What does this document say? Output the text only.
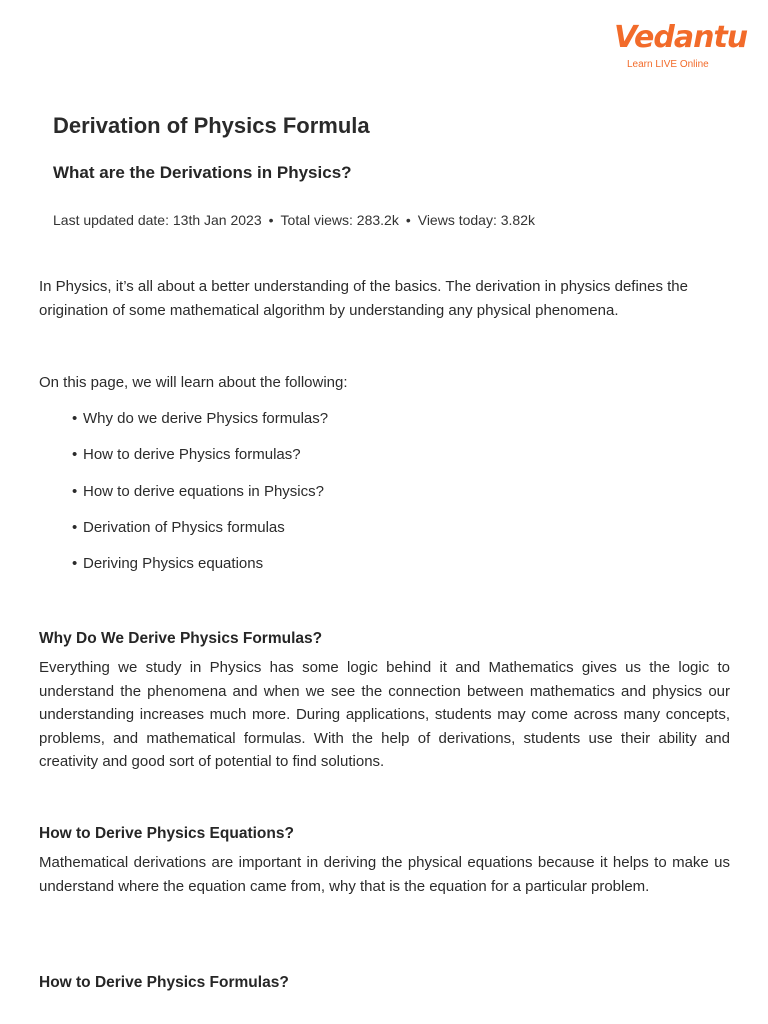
Vedantu
Learn LIVE Online
Derivation of Physics Formula
What are the Derivations in Physics?
Last updated date: 13th Jan 2023 • Total views: 283.2k • Views today: 3.82k

In Physics, it’s all about a better understanding of the basics. The derivation in physics defines the origination of some mathematical algorithm by understanding any physical phenomena.

On this page, we will learn about the following:

• Why do we derive Physics formulas?
• How to derive Physics formulas?
• How to derive equations in Physics?
• Derivation of Physics formulas
• Deriving Physics equations
Why Do We Derive Physics Formulas?

Everything we study in Physics has some logic behind it and Mathematics gives us the logic to understand the phenomena and when we see the connection between mathematics and physics our understanding increases much more. During applications, students may come across many concepts, problems, and mathematical formulas. With the help of derivations, students use their ability and creativity and good sort of potential to find solutions.

How to Derive Physics Equations?

Mathematical derivations are important in deriving the physical equations because it helps to make us understand where the equation came from, why that is the equation for a particular problem.

How to Derive Physics Formulas?
